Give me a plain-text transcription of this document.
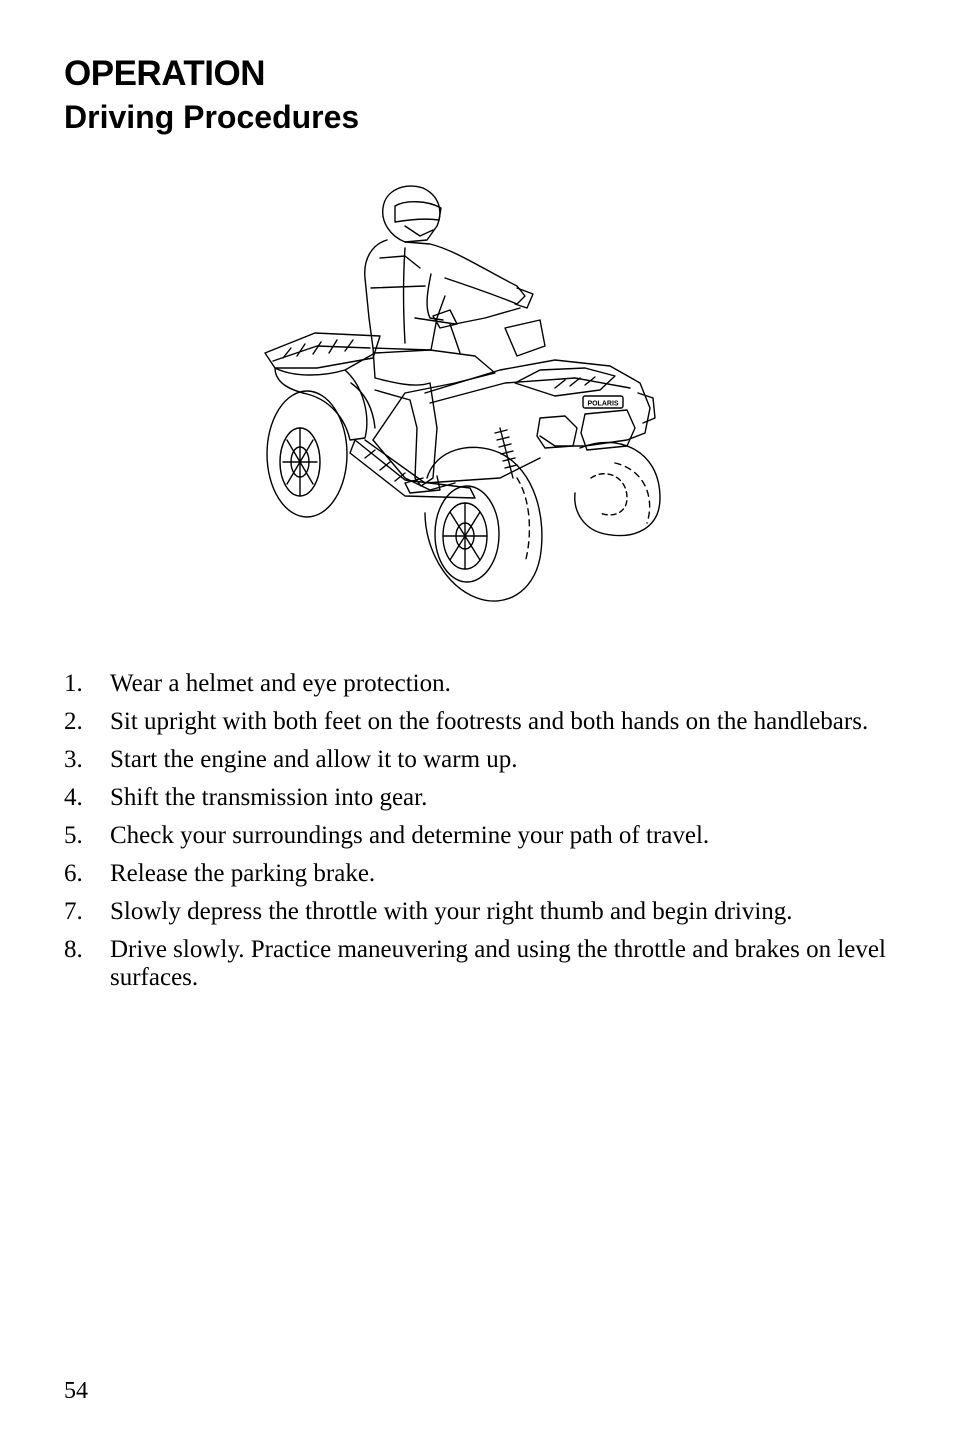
OPERATION
Driving Procedures
POLARIS
1. Wear a helmet and eye protection.
2. Sit upright with both feet on the footrests and both hands on the handlebars.
3. Start the engine and allow it to warm up.
4. Shift the transmission into gear.
5. Check your surroundings and determine your path of travel.
6. Release the parking brake.
7. Slowly depress the throttle with your right thumb and begin driving.
8. Drive slowly. Practice maneuvering and using the throttle and brakes on level surfaces.
54
